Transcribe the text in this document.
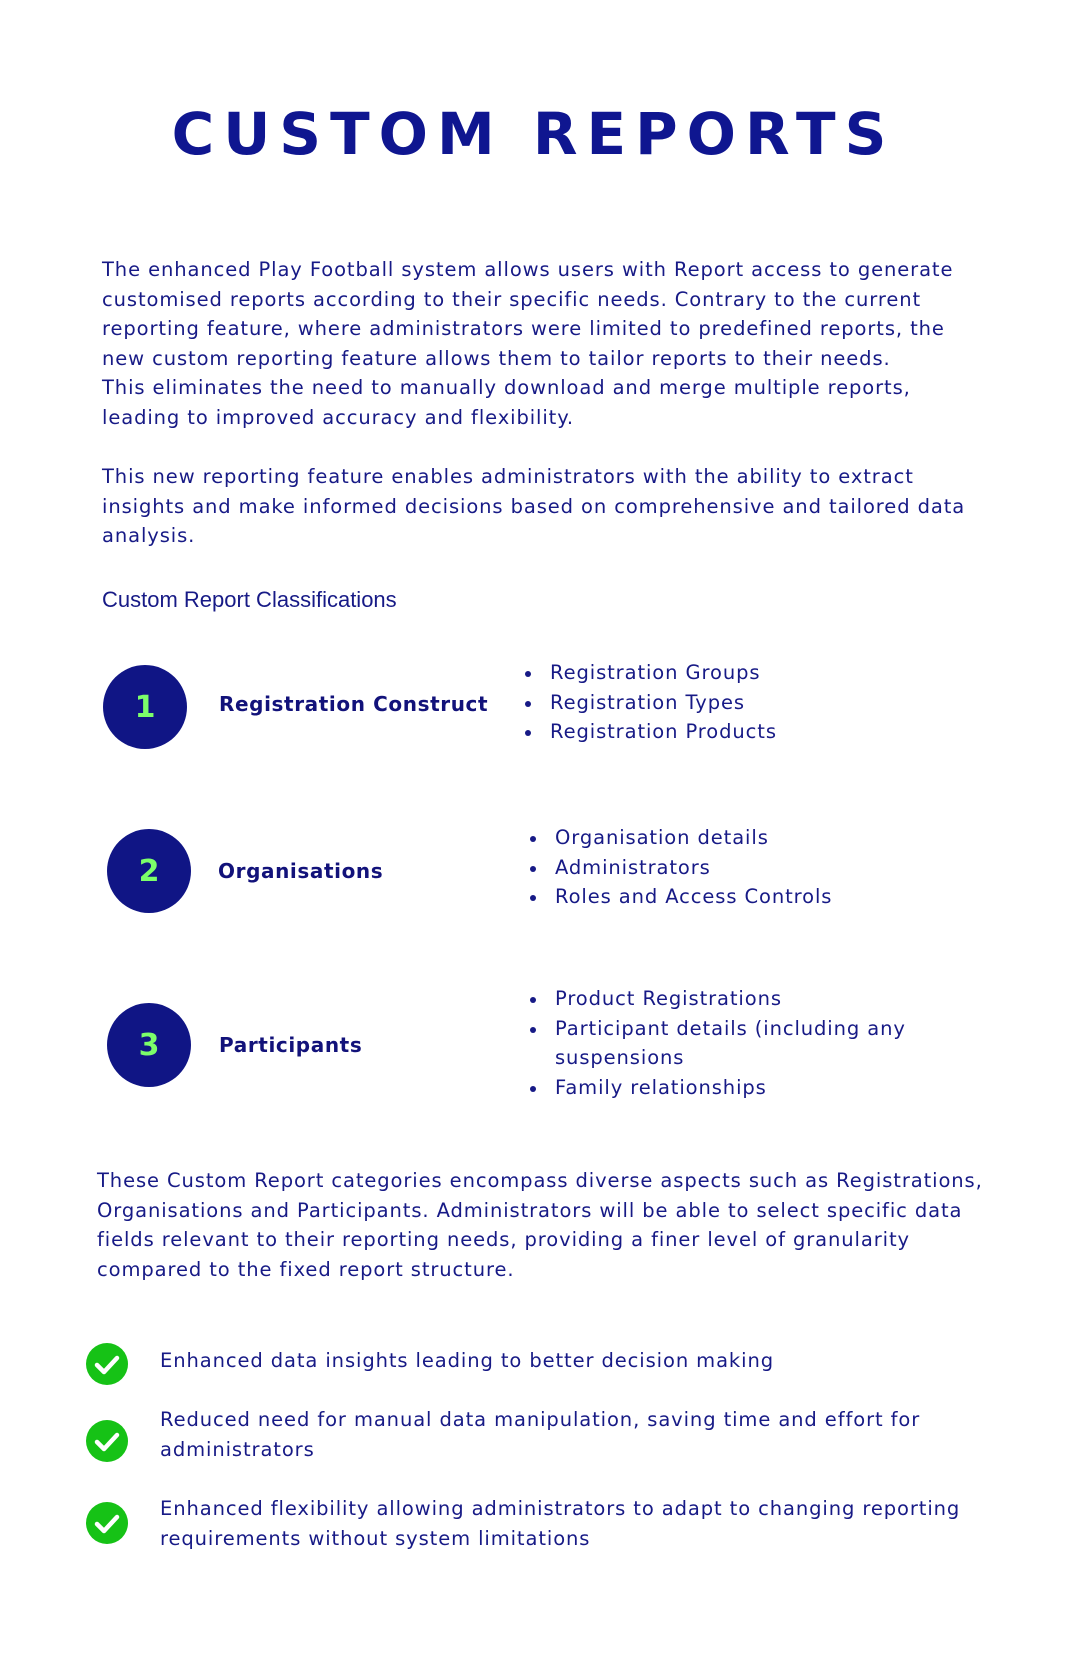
CUSTOM REPORTS
The enhanced Play Football system allows users with Report access to generate
customised reports according to their specific needs. Contrary to the current
reporting feature, where administrators were limited to predefined reports, the
new custom reporting feature allows them to tailor reports to their needs.
This eliminates the need to manually download and merge multiple reports,
leading to improved accuracy and flexibility.
This new reporting feature enables administrators with the ability to extract
insights and make informed decisions based on comprehensive and tailored data
analysis.
Custom Report Classifications
1	Registration Construct
Registration Groups
Registration Types
Registration Products
2	Organisations
Organisation details
Administrators
Roles and Access Controls
3	Participants
Product Registrations
Participant details (including any suspensions
Family relationships
These Custom Report categories encompass diverse aspects such as Registrations,
Organisations and Participants. Administrators will be able to select specific data
fields relevant to their reporting needs, providing a finer level of granularity
compared to the fixed report structure.
Enhanced data insights leading to better decision making
Reduced need for manual data manipulation, saving time and effort for
administrators
Enhanced flexibility allowing administrators to adapt to changing reporting
requirements without system limitations
